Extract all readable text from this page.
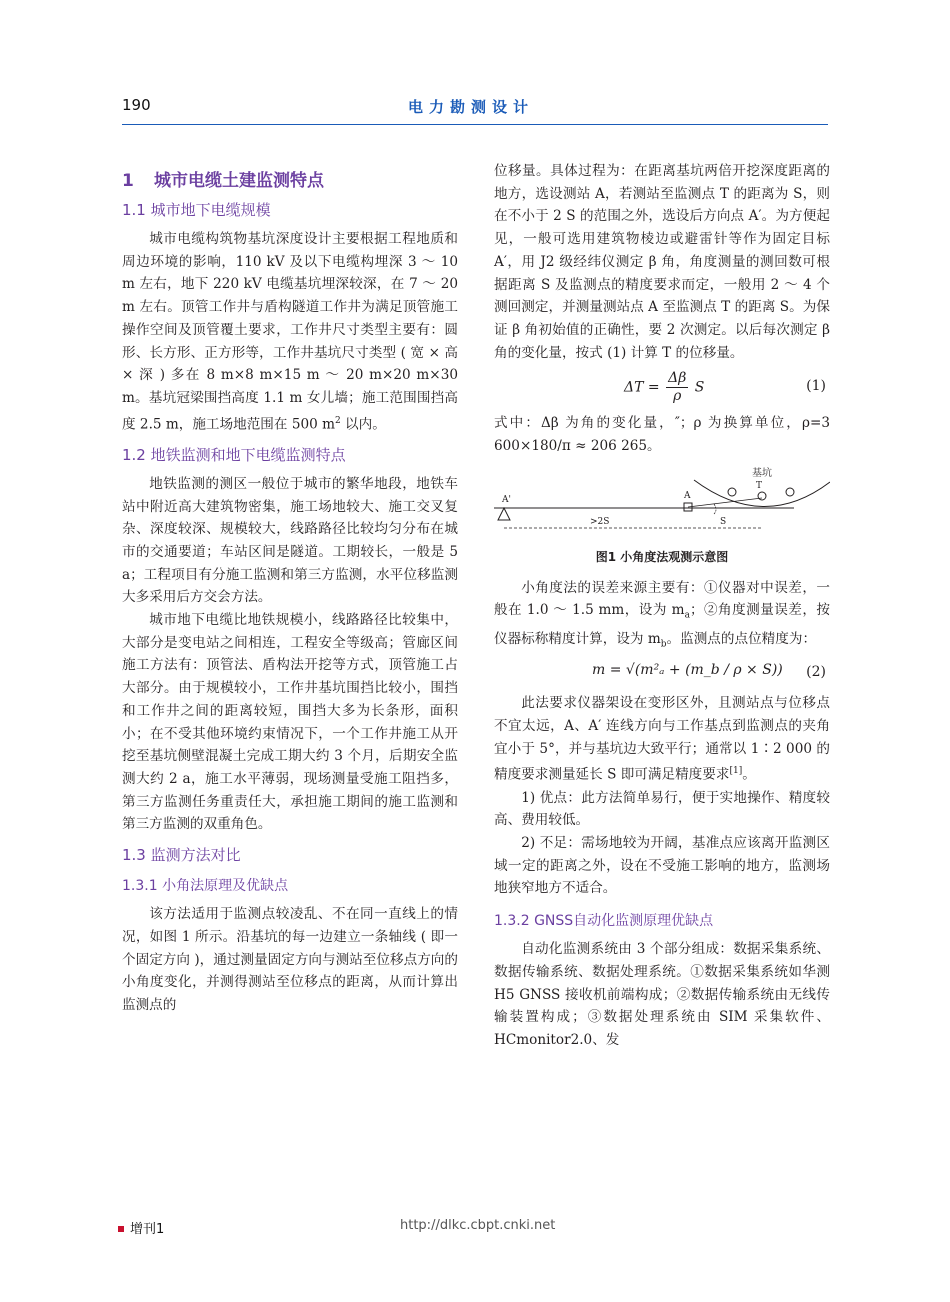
190	电力勘测设计
1 城市电缆土建监测特点
1.1 城市地下电缆规模

城市电缆构筑物基坑深度设计主要根据工程地质和周边环境的影响，110 kV 及以下电缆构埋深 3 ～ 10 m 左右，地下 220 kV 电缆基坑埋深较深，在 7 ～ 20 m 左右。顶管工作井与盾构隧道工作井为满足顶管施工操作空间及顶管覆土要求，工作井尺寸类型主要有：圆形、长方形、正方形等，工作井基坑尺寸类型 ( 宽 × 高 × 深 ) 多在 8 m×8 m×15 m ～ 20 m×20 m×30 m。基坑冠梁围挡高度 1.1 m 女儿墙；施工范围围挡高度 2.5 m，施工场地范围在 500 $m^2$ 以内。

1.2 地铁监测和地下电缆监测特点

地铁监测的测区一般位于城市的繁华地段，地铁车站中附近高大建筑物密集，施工场地较大、施工交叉复杂、深度较深、规模较大，线路路径比较均匀分布在城市的交通要道；车站区间是隧道。工期较长，一般是 5 a；工程项目有分施工监测和第三方监测，水平位移监测大多采用后方交会方法。

城市地下电缆比地铁规模小，线路路径比较集中，大部分是变电站之间相连，工程安全等级高；管廊区间施工方法有：顶管法、盾构法开挖等方式，顶管施工占大部分。由于规模较小，工作井基坑围挡比较小，围挡和工作井之间的距离较短，围挡大多为长条形，面积小；在不受其他环境约束情况下，一个工作井施工从开挖至基坑侧壁混凝土完成工期大约 3 个月，后期安全监测大约 2 a，施工水平薄弱，现场测量受施工阻挡多，第三方监测任务重责任大，承担施工期间的施工监测和第三方监测的双重角色。

1.3 监测方法对比
1.3.1 小角法原理及优缺点

该方法适用于监测点较凌乱、不在同一直线上的情况，如图 1 所示。沿基坑的每一边建立一条轴线 ( 即一个固定方向 )，通过测量固定方向与测站至位移点方向的小角度变化，并测得测站至位移点的距离，从而计算出监测点的

位移量。具体过程为：在距离基坑两倍开挖深度距离的地方，选设测站 A，若测站至监测点 T 的距离为 S，则在不小于 2 S 的范围之外，选设后方向点 A′。为方便起见，一般可选用建筑物棱边或避雷针等作为固定目标 A′，用 J2 级经纬仪测定 β 角，角度测量的测回数可根据距离 S 及监测点的精度要求而定，一般用 2 ～ 4 个测回测定，并测量测站点 A 至监测点 T 的距离 S。为保证 β 角初始值的正确性，要 2 次测定。以后每次测定 β 角的变化量，按式 (1) 计算 T 的位移量。

$\Delta T = \frac{\Delta\beta}{\rho}$ S	(1)

式中：Δβ 为角的变化量，″；ρ 为换算单位，ρ=3 600×180/π ≈ 206 265。

基坑
A'	A
T
>2S	S
图1 小角度法观测示意图

小角度法的误差来源主要有：①仪器对中误差，一般在 1.0 ～ 1.5 mm，设为 $m_a$；②角度测量误差，按仪器标称精度计算，设为 $m_b$。监测点的点位精度为：

m = √(m²ₐ + (m_b / ρ × S)) (2)

此法要求仪器架设在变形区外，且测站点与位移点不宜太远，A、A′ 连线方向与工作基点到监测点的夹角宜小于 5°，并与基坑边大致平行；通常以 1∶2 000 的精度要求测量延长 S 即可满足精度要求[1]。

1) 优点：此方法简单易行，便于实地操作、精度较高、费用较低。

2) 不足：需场地较为开阔，基准点应该离开监测区域一定的距离之外，设在不受施工影响的地方，监测场地狭窄地方不适合。

1.3.2 GNSS自动化监测原理优缺点

自动化监测系统由 3 个部分组成：数据采集系统、数据传输系统、数据处理系统。①数据采集系统如华测 H5 GNSS 接收机前端构成；②数据传输系统由无线传输装置构成；③数据处理系统由 SIM 采集软件、HCmonitor2.0、发

增刊1	http://dlkc.cbpt.cnki.net
